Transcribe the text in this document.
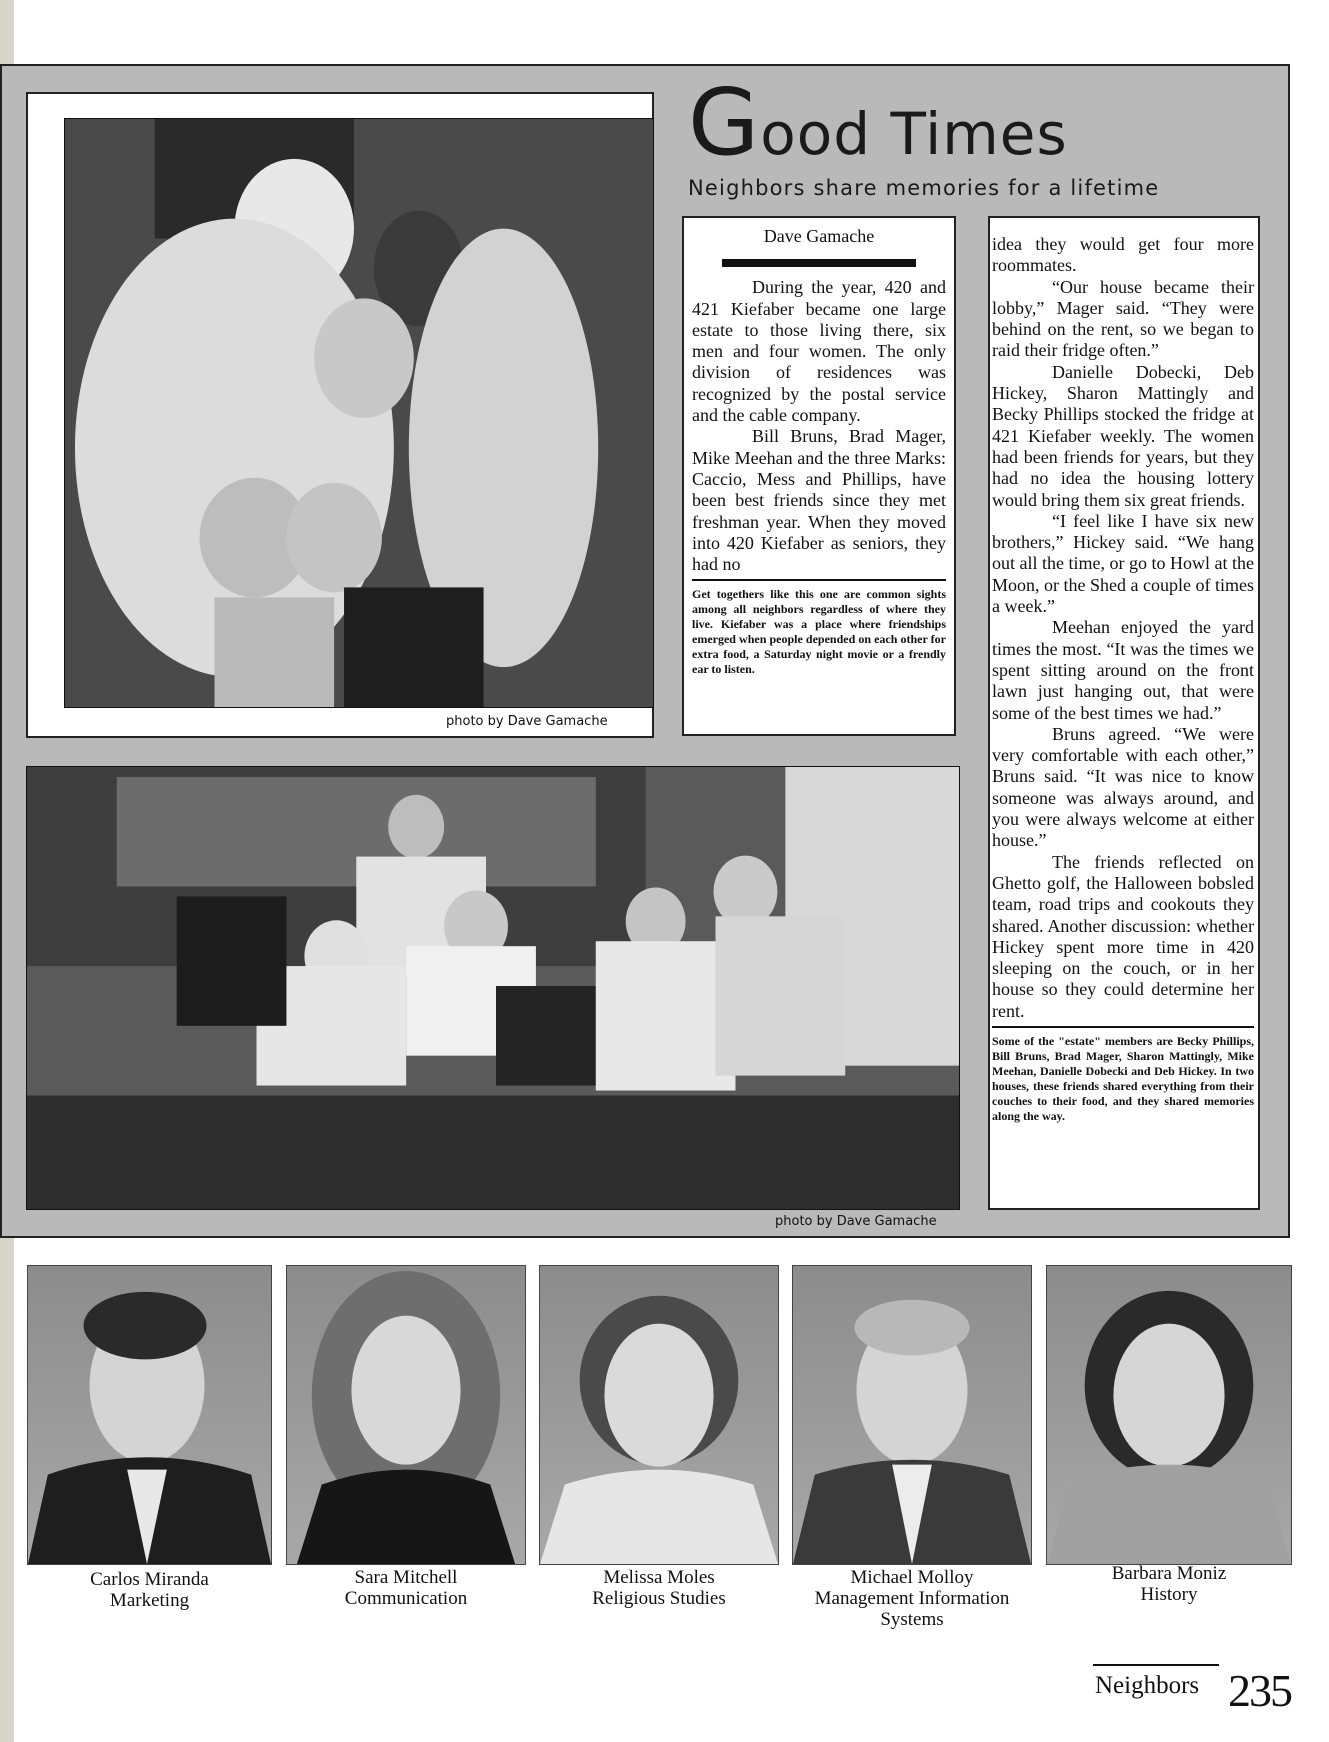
photo by Dave Gamache
Good Times
Neighbors share memories for a lifetime
Dave Gamache

During the year, 420 and 421 Kiefaber became one large estate to those living there, six men and four women. The only division of residences was recognized by the postal service and the cable company.

Bill Bruns, Brad Mager, Mike Meehan and the three Marks: Caccio, Mess and Phillips, have been best friends since they met freshman year. When they moved into 420 Kiefaber as seniors, they had no

Get togethers like this one are common sights among all neighbors regardless of where they live. Kiefaber was a place where friendships emerged when people depended on each other for extra food, a Saturday night movie or a frendly ear to listen.

idea they would get four more roommates.

“Our house became their lobby,” Mager said. “They were behind on the rent, so we began to raid their fridge often.”

Danielle Dobecki, Deb Hickey, Sharon Mattingly and Becky Phillips stocked the fridge at 421 Kiefaber weekly. The women had been friends for years, but they had no idea the housing lottery would bring them six great friends.

“I feel like I have six new brothers,” Hickey said. “We hang out all the time, or go to Howl at the Moon, or the Shed a couple of times a week.”

Meehan enjoyed the yard times the most. “It was the times we spent sitting around on the front lawn just hanging out, that were some of the best times we had.”

Bruns agreed. “We were very comfortable with each other,” Bruns said. “It was nice to know someone was always around, and you were always welcome at either house.”

The friends reflected on Ghetto golf, the Halloween bobsled team, road trips and cookouts they shared. Another discussion: whether Hickey spent more time in 420 sleeping on the couch, or in her house so they could determine her rent.

Some of the "estate" members are Becky Phillips, Bill Bruns, Brad Mager, Sharon Mattingly, Mike Meehan, Danielle Dobecki and Deb Hickey. In two houses, these friends shared everything from their couches to their food, and they shared memories along the way.
photo by Dave Gamache
Carlos Miranda
Marketing
Sara Mitchell
Communication
Melissa Moles
Religious Studies
Michael Molloy
Management Information Systems
Barbara Moniz
History
Neighbors 235
